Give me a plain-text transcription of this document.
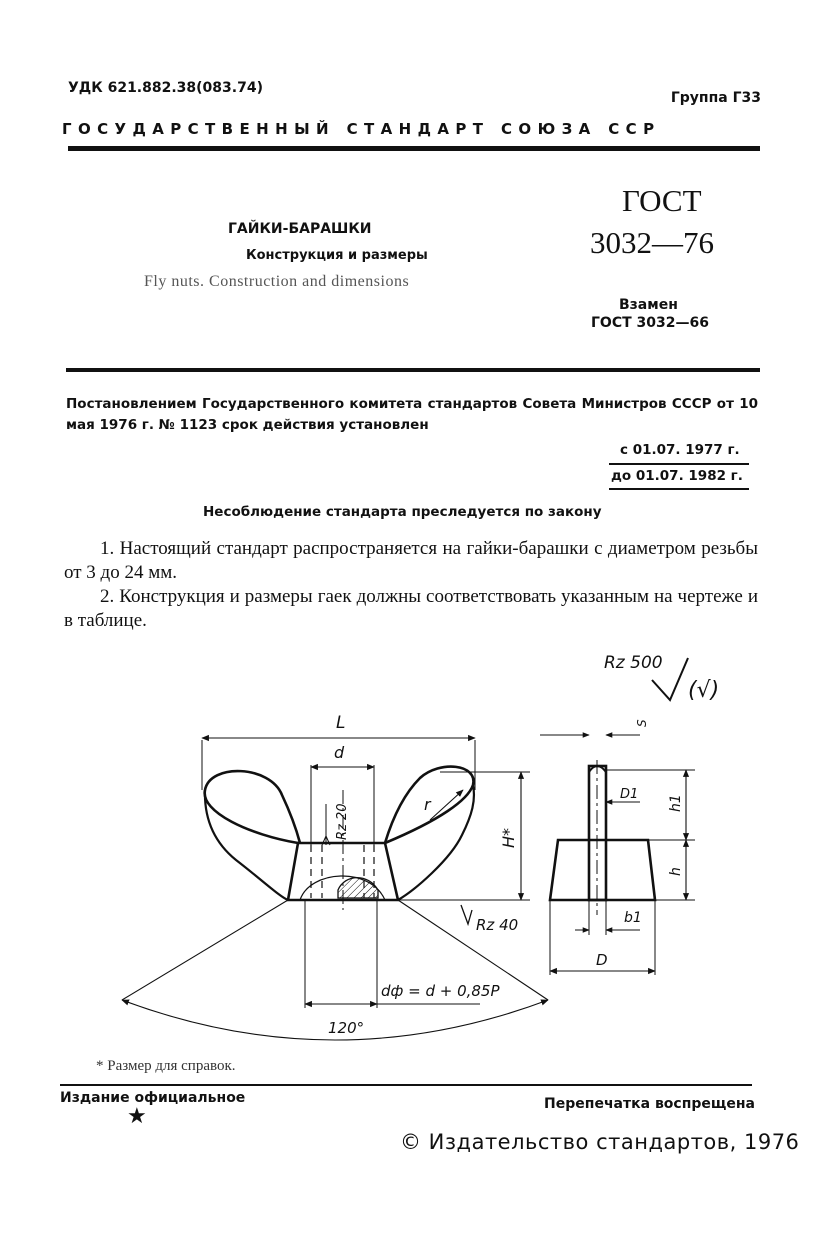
УДК 621.882.38(083.74)
Группа Г33
ГОСУДАРСТВЕННЫЙ СТАНДАРТ СОЮЗА ССР
ГАЙКИ-БАРАШКИ
Конструкция и размеры
Fly nuts. Construction and dimensions
ГОСТ
3032—76
Взамен
ГОСТ 3032—66
Постановлением Государственного комитета стандартов Совета Министров СССР от 10 мая 1976 г. № 1123 срок действия установлен
с 01.07. 1977 г.
до 01.07. 1982 г.
Несоблюдение стандарта преследуется по закону
1. Настоящий стандарт распространяется на гайки-барашки с диаметром резьбы от 3 до 24 мм.
2. Конструкция и размеры гаек должны соответствовать указанным на чертеже и в таблице.
Rz 500
(√)
L
d
Rz 20	r
H*
Rz 40
dф = d + 0,85P
120°
S
D1 h1
h
b1
D
* Размер для справок.
Издание официальное	Перепечатка воспрещена
★
© Издательство стандартов, 1976
